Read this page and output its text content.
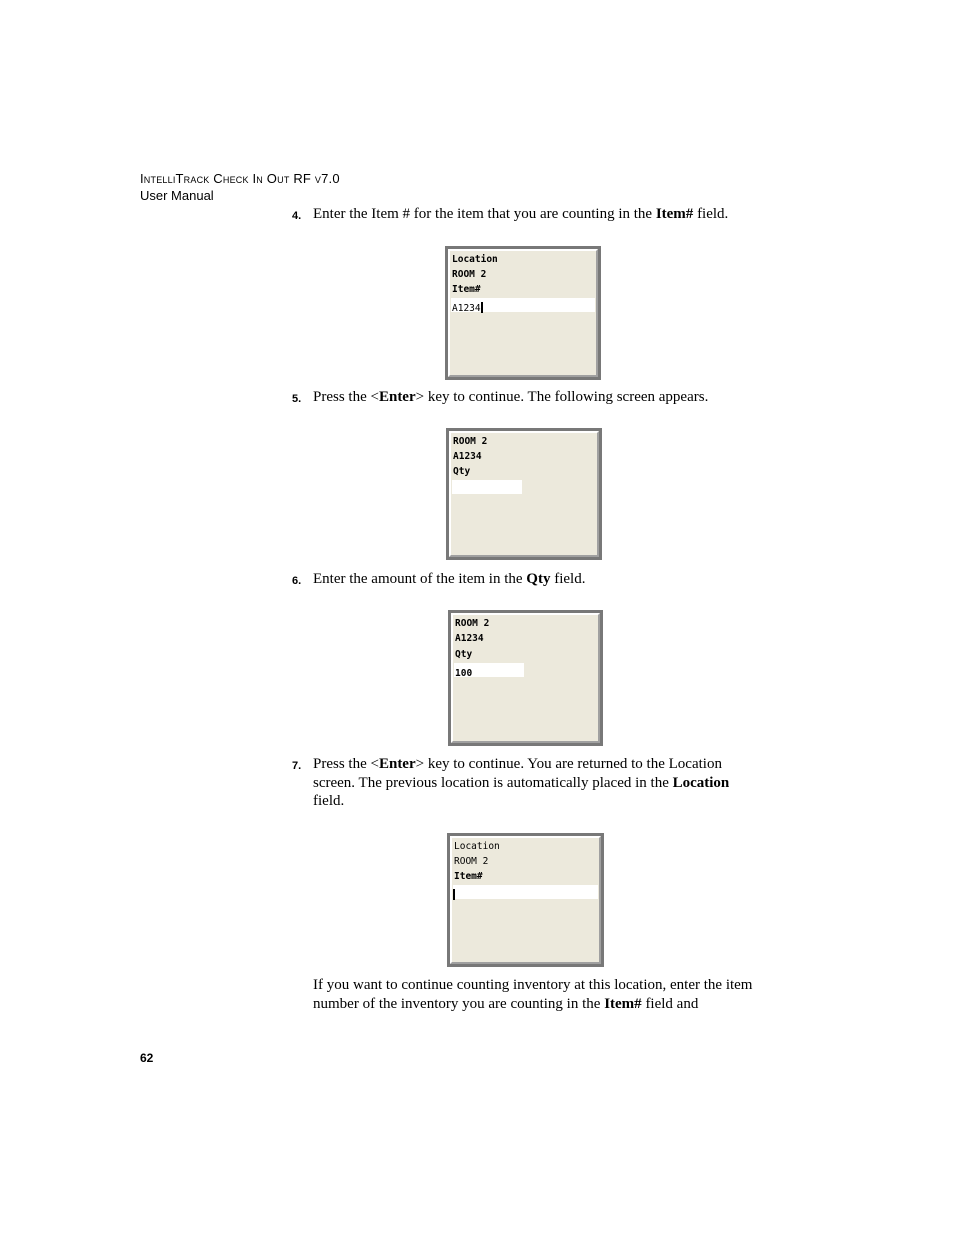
IntelliTrack Check In Out RF v7.0
User Manual
4. Enter the Item # for the item that you are counting in the Item# field.
Location
ROOM 2
Item#
A1234
5. Press the <Enter> key to continue. The following screen appears.
ROOM 2
A1234
Qty
6. Enter the amount of the item in the Qty field.
ROOM 2
A1234
Qty
100
7. Press the <Enter> key to continue. You are returned to the Location screen. The previous location is automatically placed in the Location
field.
Location
ROOM 2
Item#
If you want to continue counting inventory at this location, enter the item number of the inventory you are counting in the Item# field and
62
